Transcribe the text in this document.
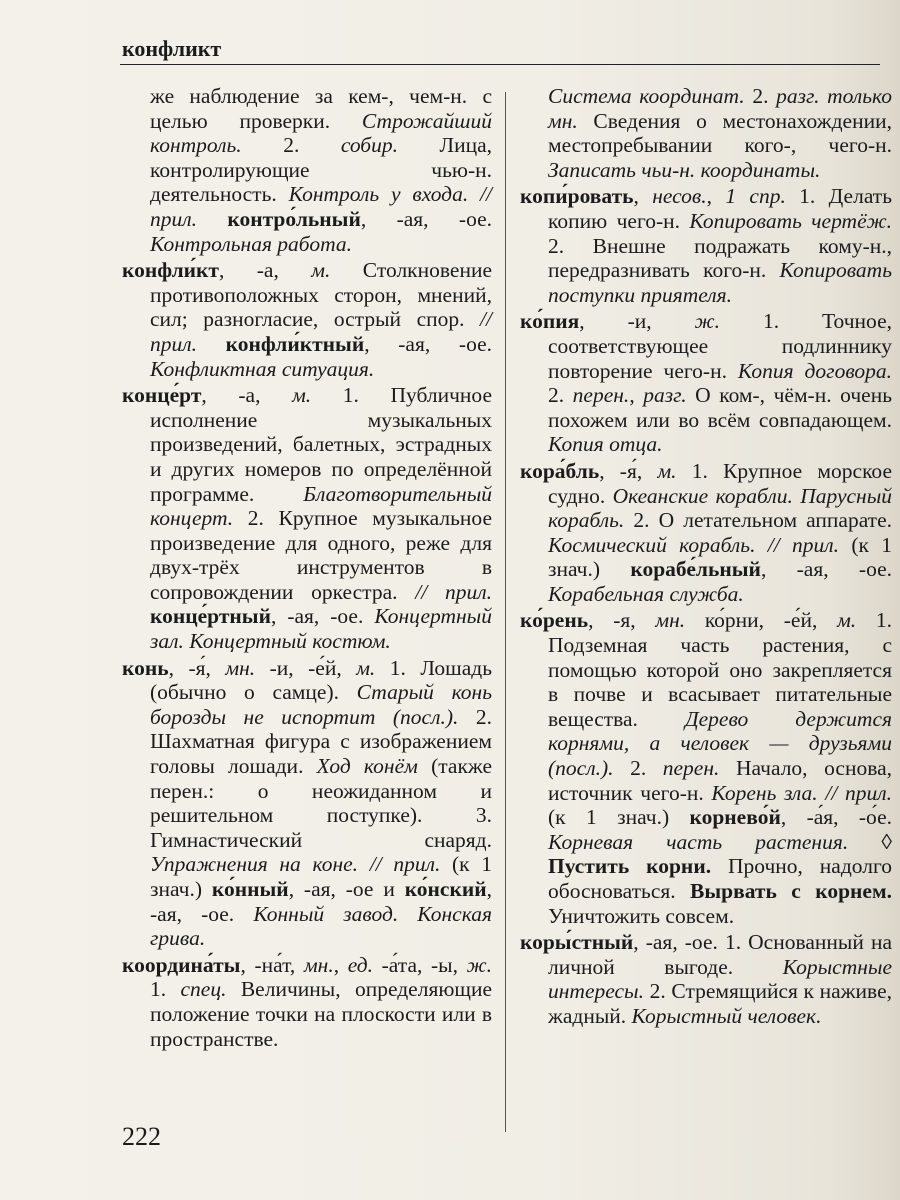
конфликт

же наблюдение за кем-, чем-н. с целью проверки. Строжайший контроль. 2. собир. Лица, контролирующие чью-н. деятельность. Контроль у входа. // прил. контро́льный, -ая, -ое. Контрольная работа.

конфли́кт, -а, м. Столкновение противоположных сторон, мнений, сил; разногласие, острый спор. // прил. конфли́ктный, -ая, -ое. Конфликтная ситуация.

конце́рт, -а, м. 1. Публичное исполнение музыкальных произведений, балетных, эстрадных и других номеров по определённой программе. Благотворительный концерт. 2. Крупное музыкальное произведение для одного, реже для двух-трёх инструментов в сопровождении оркестра. // прил. конце́ртный, -ая, -ое. Концертный зал. Концертный костюм.

конь, -я́, мн. -и, -е́й, м. 1. Лошадь (обычно о самце). Старый конь борозды не испортит (посл.). 2. Шахматная фигура с изображением головы лошади. Ход конём (также перен.: о неожиданном и решительном поступке). 3. Гимнастический снаряд. Упражнения на коне. // прил. (к 1 знач.) ко́нный, -ая, -ое и ко́нский, -ая, -ое. Конный завод. Конская грива.

координа́ты, -на́т, мн., ед. -а́та, -ы, ж. 1. спец. Величины, определяющие положение точки на плоскости или в пространстве.

Система координат. 2. разг. только мн. Сведения о местонахождении, местопребывании кого-, чего-н. Записать чьи-н. координаты.

копи́ровать, несов., 1 спр. 1. Делать копию чего-н. Копировать чертёж. 2. Внешне подражать кому-н., передразнивать кого-н. Копировать поступки приятеля.

ко́пия, -и, ж. 1. Точное, соответствующее подлиннику повторение чего-н. Копия договора. 2. перен., разг. О ком-, чём-н. очень похожем или во всём совпадающем. Копия отца.

кора́бль, -я́, м. 1. Крупное морское судно. Океанские корабли. Парусный корабль. 2. О летательном аппарате. Космический корабль. // прил. (к 1 знач.) корабе́льный, -ая, -ое. Корабельная служба.

ко́рень, -я, мн. ко́рни, -е́й, м. 1. Подземная часть растения, с помощью которой оно закрепляется в почве и всасывает питательные вещества. Дерево держится корнями, а человек — друзьями (посл.). 2. перен. Начало, основа, источник чего-н. Корень зла. // прил. (к 1 знач.) корнево́й, -а́я, -о́е. Корневая часть растения. ◊ Пустить корни. Прочно, надолго обосноваться. Вырвать с корнем. Уничтожить совсем.

коры́стный, -ая, -ое. 1. Основанный на личной выгоде. Корыстные интересы. 2. Стремящийся к наживе, жадный. Корыстный человек.

222
